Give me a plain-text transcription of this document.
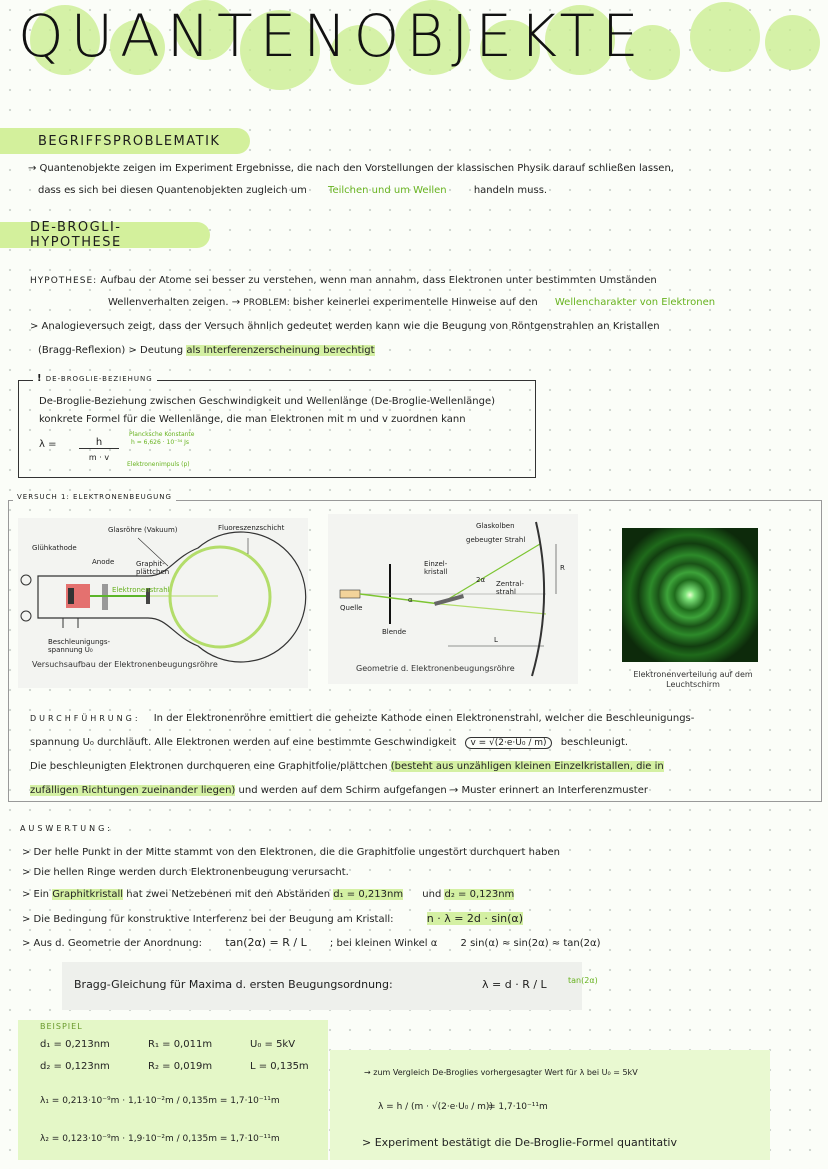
QUANTENOBJEKTE
BEGRIFFSPROBLEMATIK
→ Quantenobjekte zeigen im Experiment Ergebnisse, die nach den Vorstellungen der klassischen Physik darauf schließen lassen,
dass es sich bei diesen Quantenobjekten zugleich um Teilchen und um Wellen	handeln muss.
DE-BROGLI-HYPOTHESE
HYPOTHESE: Aufbau der Atome sei besser zu verstehen, wenn man annahm, dass Elektronen unter bestimmten Umständen
Wellenverhalten zeigen. → PROBLEM: bisher keinerlei experimentelle Hinweise auf den Wellencharakter von Elektronen
> Analogieversuch zeigt, dass der Versuch ähnlich gedeutet werden kann wie die Beugung von Röntgenstrahlen an Kristallen
(Bragg-Reflexion) > Deutung als Interferenzerscheinung berechtigt
! DE-BROGLIE-BEZIEHUNG
De-Broglie-Beziehung zwischen Geschwindigkeit und Wellenlänge (De-Broglie-Wellenlänge)
konkrete Formel für die Wellenlänge, die man Elektronen mit m und v zuordnen kann
λ =	h
m · v
Plancksche Konstante
h = 6,626 · 10⁻³⁴ Js
Elektronenimpuls (p)
VERSUCH 1: ELEKTRONENBEUGUNG
Glasröhre (Vakuum)	Fluoreszenzschicht
Glühkathode
Anode	Graphit-plättchen
Elektronenstrahl
Beschleunigungs-spannung U₀
Versuchsaufbau der Elektronenbeugungsröhre
Glaskolben
gebeugter Strahl
Einzel-kristall
Zentral-strahl
Quelle
Blende
α
2α
L
R
Geometrie d. Elektronenbeugungsröhre
Elektronenverteilung auf dem
Leuchtschirm
DURCHFÜHRUNG: In der Elektronenröhre emittiert die geheizte Kathode einen Elektronenstrahl, welcher die Beschleunigungs-
spannung U₀ durchläuft. Alle Elektronen werden auf eine bestimmte Geschwindigkeit v = √(2·e·U₀ / m) beschleunigt.
Die beschleunigten Elektronen durchqueren eine Graphitfolie/plättchen (besteht aus unzähligen kleinen Einzelkristallen, die in
zufälligen Richtungen zueinander liegen) und werden auf dem Schirm aufgefangen → Muster erinnert an Interferenzmuster
AUSWERTUNG:
> Der helle Punkt in der Mitte stammt von den Elektronen, die die Graphitfolie ungestört durchquert haben
> Die hellen Ringe werden durch Elektronenbeugung verursacht.
> Ein Graphitkristall hat zwei Netzebenen mit den Abständen d₁ = 0,213nm und d₂ = 0,123nm
> Die Bedingung für konstruktive Interferenz bei der Beugung am Kristall:	n · λ = 2d · sin(α)
> Aus d. Geometrie der Anordnung: tan(2α) = R / L ; bei kleinen Winkel α 2 sin(α) ≈ sin(2α) ≈ tan(2α)
Bragg-Gleichung für Maxima d. ersten Beugungsordnung:	λ = d · R / L	tan(2α)
BEISPIEL
d₁ = 0,213nm	R₁ = 0,011m	U₀ = 5kV
d₂ = 0,123nm	R₂ = 0,019m	L = 0,135m
λ₁ = 0,213·10⁻⁹m · 1,1·10⁻²m / 0,135m = 1,7·10⁻¹¹m
λ₂ = 0,123·10⁻⁹m · 1,9·10⁻²m / 0,135m = 1,7·10⁻¹¹m
→ zum Vergleich De-Broglies vorhergesagter Wert für λ bei U₀ = 5kV
λ = h / (m · √(2·e·U₀ / m))
= 1,7·10⁻¹¹m
> Experiment bestätigt die De-Broglie-Formel quantitativ
